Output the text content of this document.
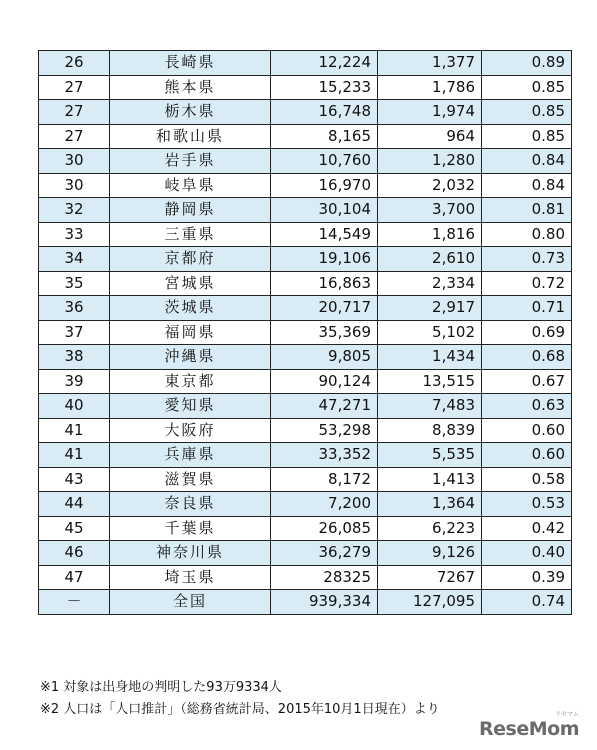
26	長崎県	12,224	1,377	0.89
27	熊本県	15,233	1,786	0.85
27	栃木県	16,748	1,974	0.85
27	和歌山県	8,165	964	0.85
30	岩手県	10,760	1,280	0.84
30	岐阜県	16,970	2,032	0.84
32	静岡県	30,104	3,700	0.81
33	三重県	14,549	1,816	0.80
34	京都府	19,106	2,610	0.73
35	宮城県	16,863	2,334	0.72
36	茨城県	20,717	2,917	0.71
37	福岡県	35,369	5,102	0.69
38	沖縄県	9,805	1,434	0.68
39	東京都	90,124	13,515	0.67
40	愛知県	47,271	7,483	0.63
41	大阪府	53,298	8,839	0.60
41	兵庫県	33,352	5,535	0.60
43	滋賀県	8,172	1,413	0.58
44	奈良県	7,200	1,364	0.53
45	千葉県	26,085	6,223	0.42
46	神奈川県	36,279	9,126	0.40
47	埼玉県	28325	7267	0.39
－	全国	939,334	127,095	0.74
※1 対象は出身地の判明した93万9334人
※2 人口は「人口推計」（総務省統計局、2015年10月1日現在）より	リセマム
ReseMom
